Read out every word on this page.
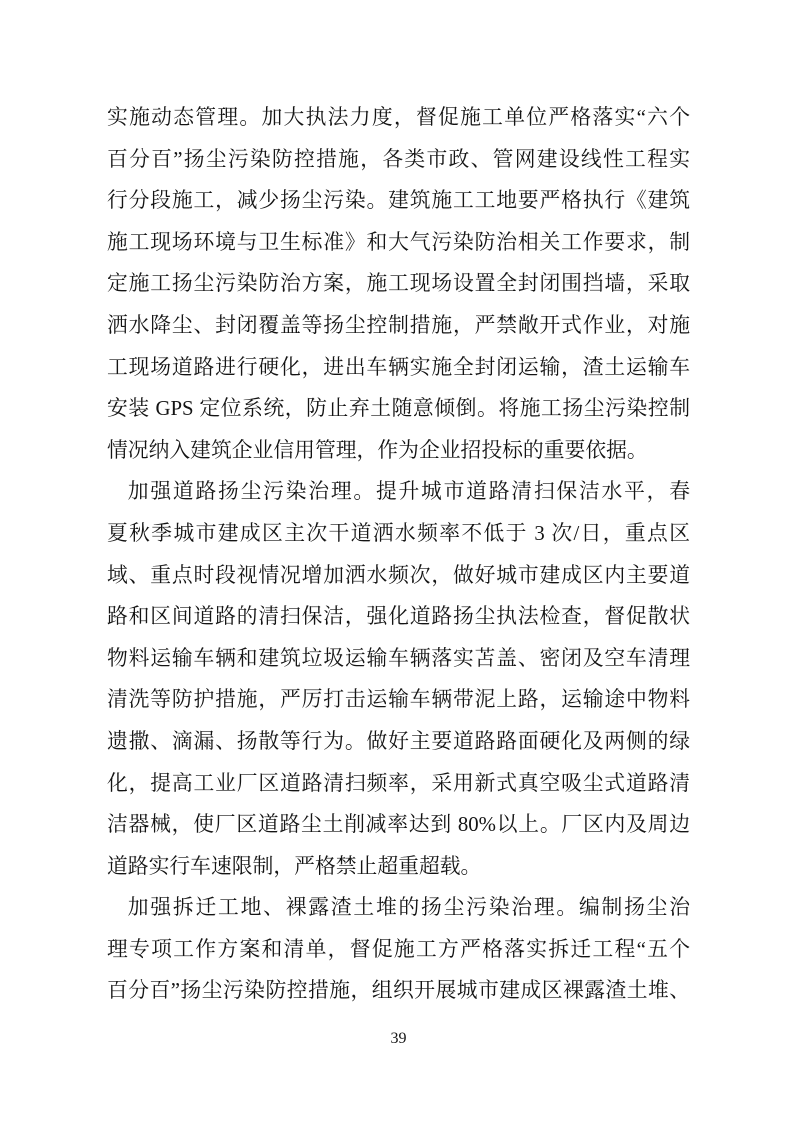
实施动态管理。加大执法力度，督促施工单位严格落实“六个
百分百”扬尘污染防控措施，各类市政、管网建设线性工程实
行分段施工，减少扬尘污染。建筑施工工地要严格执行《建筑
施工现场环境与卫生标准》和大气污染防治相关工作要求，制
定施工扬尘污染防治方案，施工现场设置全封闭围挡墙，采取
洒水降尘、封闭覆盖等扬尘控制措施，严禁敞开式作业，对施
工现场道路进行硬化，进出车辆实施全封闭运输，渣土运输车
安装 GPS 定位系统，防止弃土随意倾倒。将施工扬尘污染控制
情况纳入建筑企业信用管理，作为企业招投标的重要依据。
加强道路扬尘污染治理。提升城市道路清扫保洁水平，春
夏秋季城市建成区主次干道洒水频率不低于 3 次/日，重点区
域、重点时段视情况增加洒水频次，做好城市建成区内主要道
路和区间道路的清扫保洁，强化道路扬尘执法检查，督促散状
物料运输车辆和建筑垃圾运输车辆落实苫盖、密闭及空车清理
清洗等防护措施，严厉打击运输车辆带泥上路，运输途中物料
遗撒、滴漏、扬散等行为。做好主要道路路面硬化及两侧的绿
化，提高工业厂区道路清扫频率，采用新式真空吸尘式道路清
洁器械，使厂区道路尘土削减率达到 80%以上。厂区内及周边
道路实行车速限制，严格禁止超重超载。
加强拆迁工地、裸露渣土堆的扬尘污染治理。编制扬尘治
理专项工作方案和清单，督促施工方严格落实拆迁工程“五个
百分百”扬尘污染防控措施，组织开展城市建成区裸露渣土堆、
39
